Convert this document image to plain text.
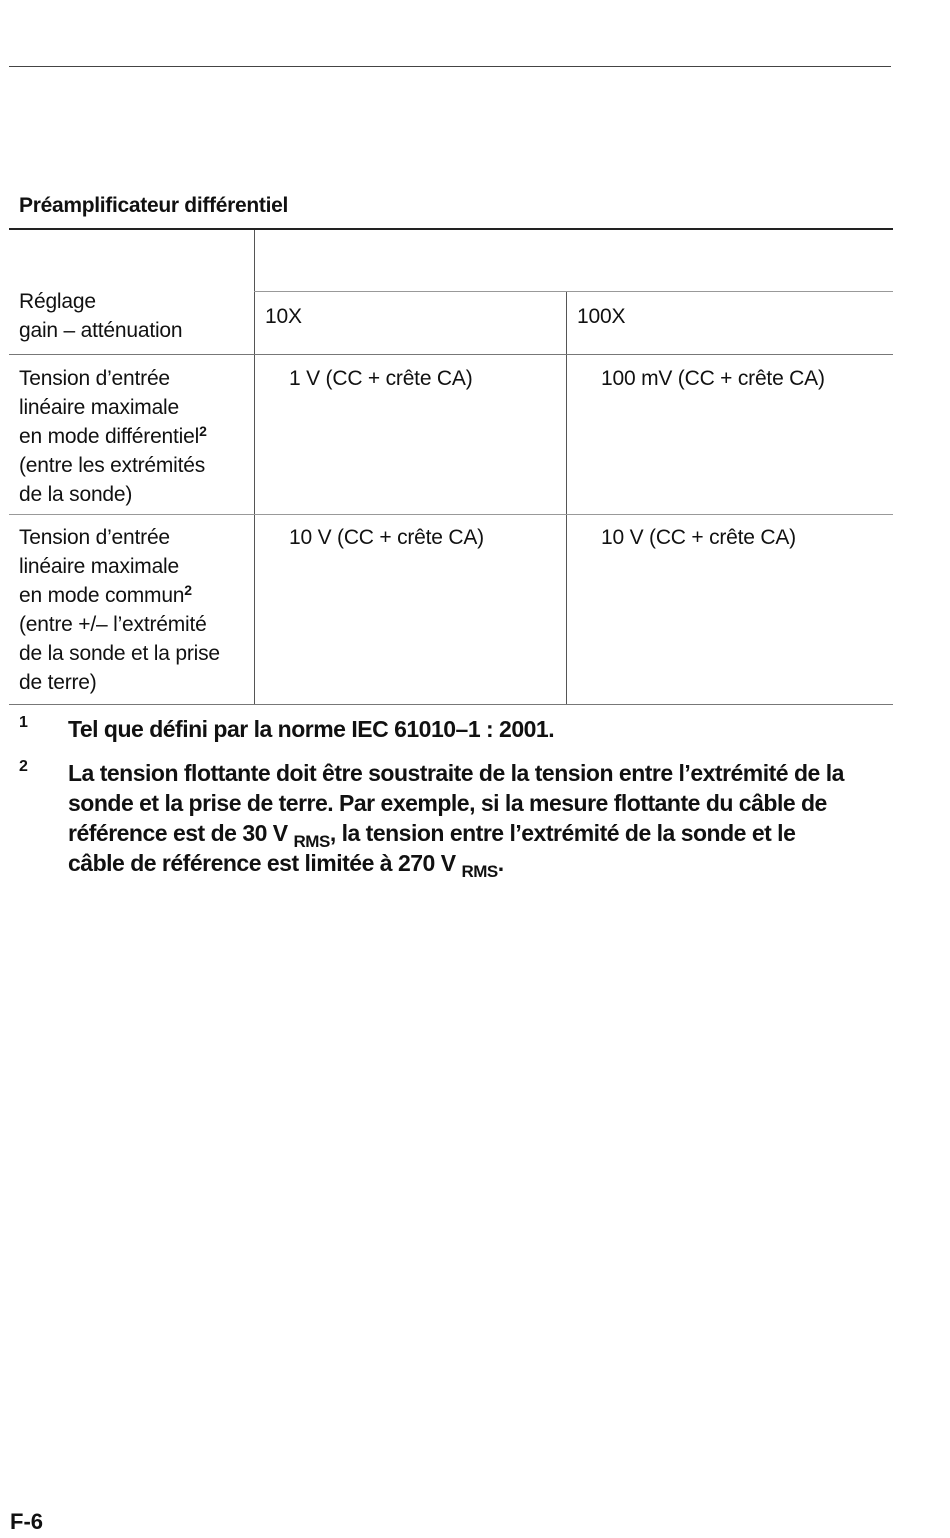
Préamplificateur différentiel
Réglage
gain – atténuation
10X	100X
Tension d’entrée
linéaire maximale
en mode différentiel$^2$
(entre les extrémités
de la sonde)
1 V (CC + crête CA)	100 mV (CC + crête CA)
Tension d’entrée
linéaire maximale
en mode commun$^2$
(entre +/– l’extrémité
de la sonde et la prise
de terre)
10 V (CC + crête CA)	10 V (CC + crête CA)
1 Tel que défini par la norme IEC 61010–1 : 2001.
2 La tension flottante doit être soustraite de la tension entre l’extrémité de la
sonde et la prise de terre. Par exemple, si la mesure flottante du câble de
référence est de 30 V $_{RMS}$, la tension entre l’extrémité de la sonde et le
câble de référence est limitée à 270 V $_{RMS}$.
F-6
